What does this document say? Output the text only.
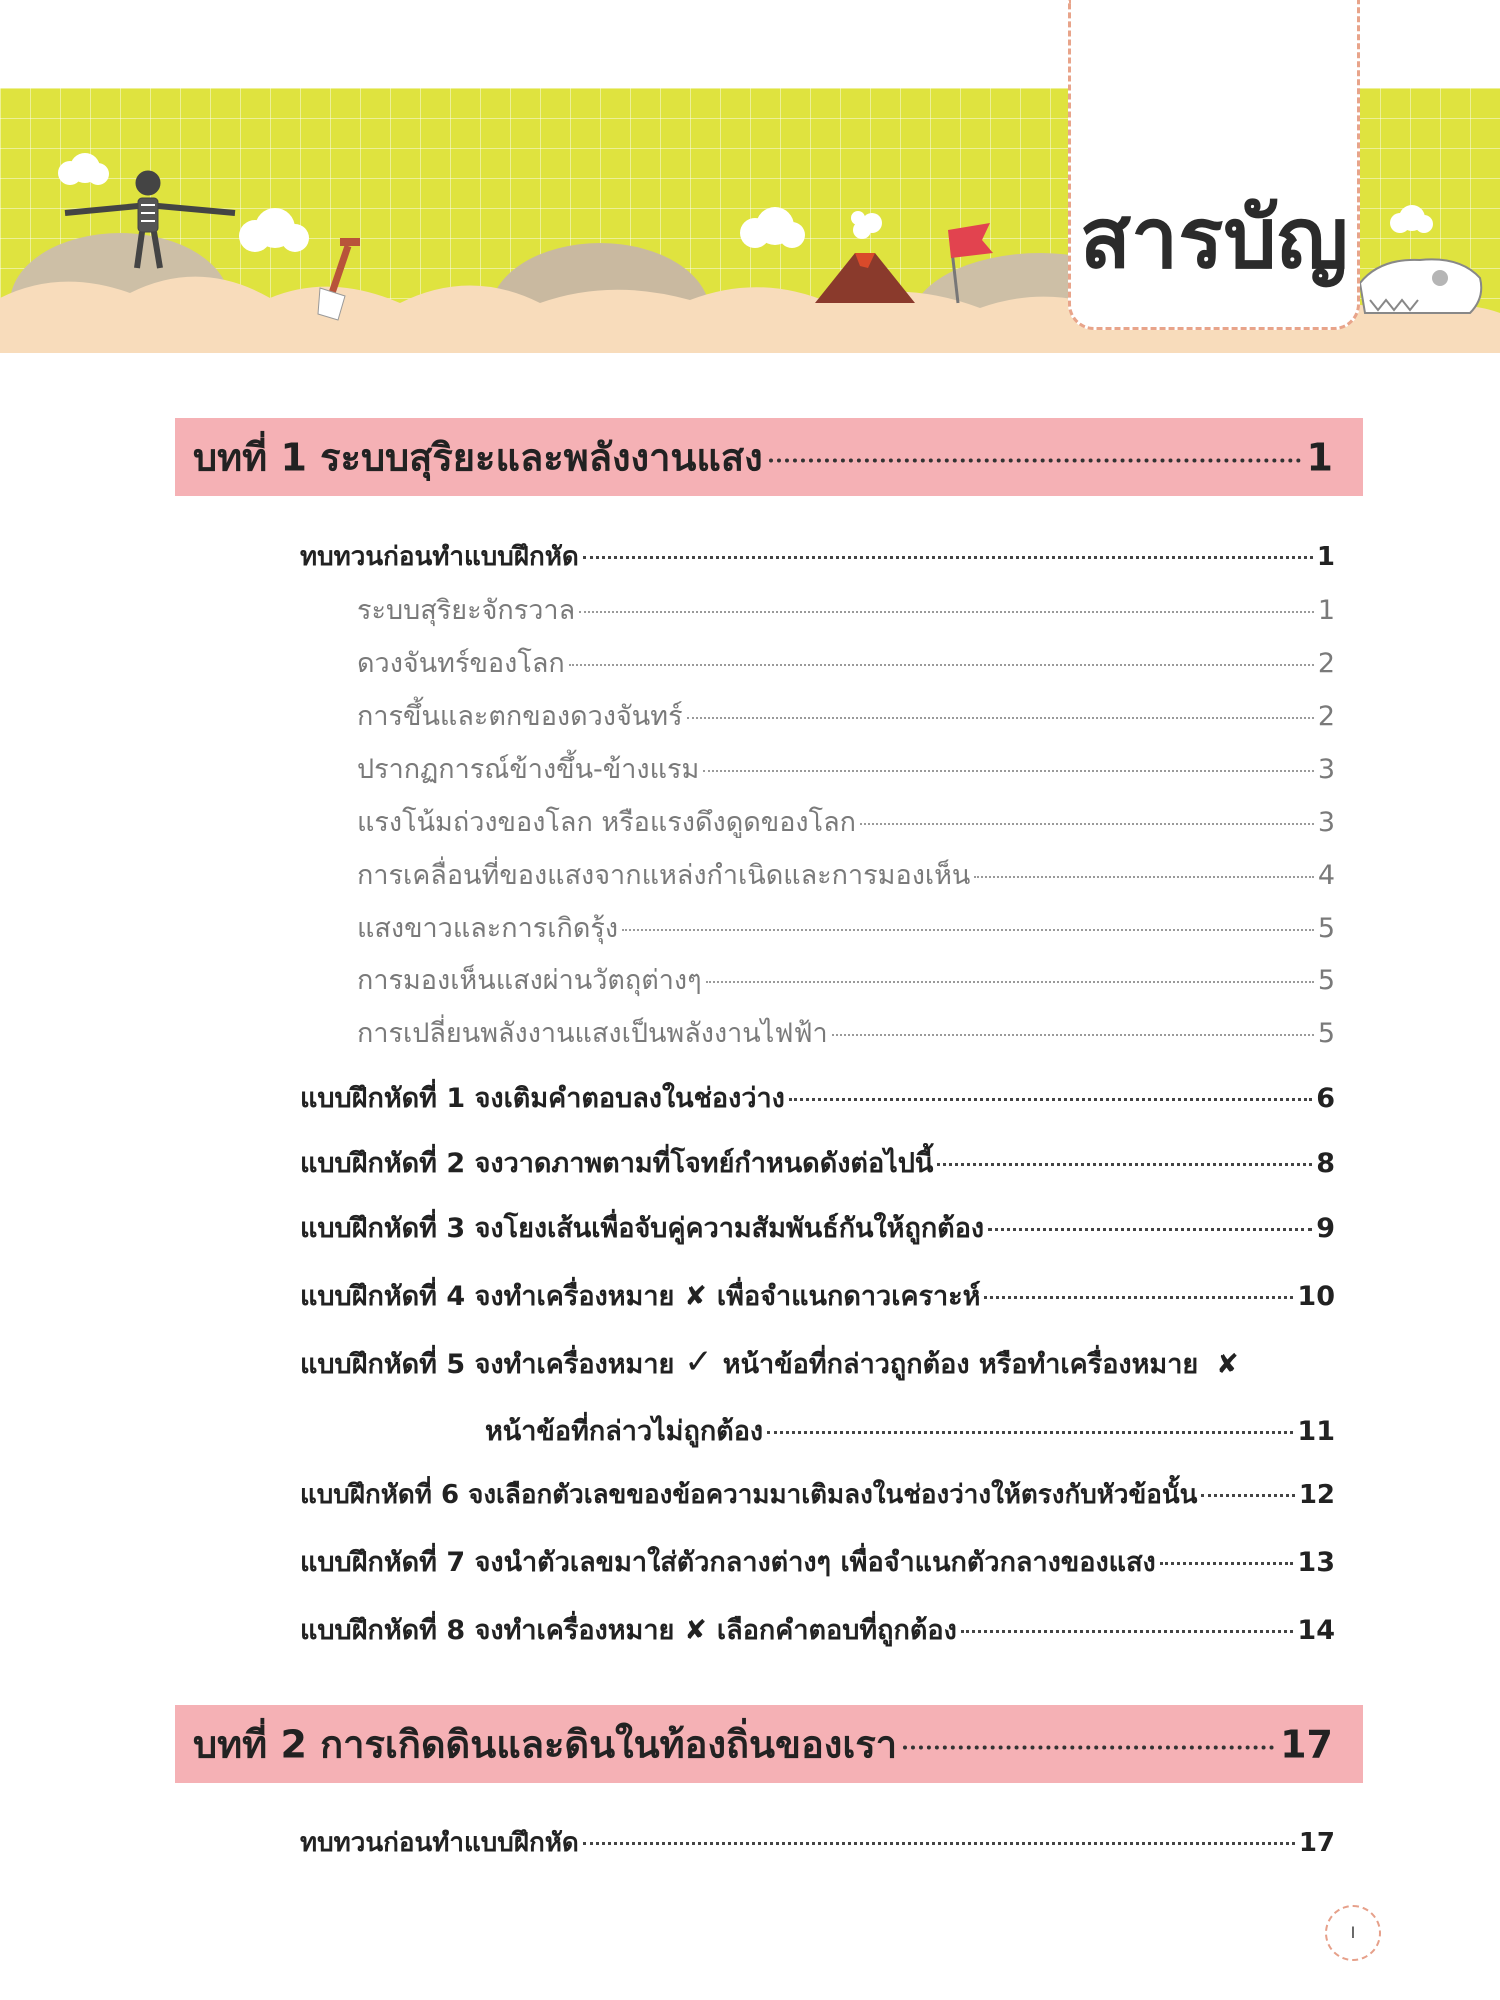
สารบัญ
บทที่ 1 ระบบสุริยะและพลังงานแสง	1
ทบทวนก่อนทำแบบฝึกหัด	1
ระบบสุริยะจักรวาล	1
ดวงจันทร์ของโลก	2
การขึ้นและตกของดวงจันทร์	2
ปรากฏการณ์ข้างขึ้น-ข้างแรม	3
แรงโน้มถ่วงของโลก หรือแรงดึงดูดของโลก	3
การเคลื่อนที่ของแสงจากแหล่งกำเนิดและการมองเห็น	4
แสงขาวและการเกิดรุ้ง	5
การมองเห็นแสงผ่านวัตถุต่างๆ	5
การเปลี่ยนพลังงานแสงเป็นพลังงานไฟฟ้า	5
แบบฝึกหัดที่ 1 จงเติมคำตอบลงในช่องว่าง	6
แบบฝึกหัดที่ 2 จงวาดภาพตามที่โจทย์กำหนดดังต่อไปนี้	8
แบบฝึกหัดที่ 3 จงโยงเส้นเพื่อจับคู่ความสัมพันธ์กันให้ถูกต้อง	9
แบบฝึกหัดที่ 4 จงทำเครื่องหมาย ✘ เพื่อจำแนกดาวเคราะห์	10
แบบฝึกหัดที่ 5 จงทำเครื่องหมาย ✓ หน้าข้อที่กล่าวถูกต้อง หรือทำเครื่องหมาย ✘
หน้าข้อที่กล่าวไม่ถูกต้อง	11
แบบฝึกหัดที่ 6 จงเลือกตัวเลขของข้อความมาเติมลงในช่องว่างให้ตรงกับหัวข้อนั้น	12
แบบฝึกหัดที่ 7 จงนำตัวเลขมาใส่ตัวกลางต่างๆ เพื่อจำแนกตัวกลางของแสง	13
แบบฝึกหัดที่ 8 จงทำเครื่องหมาย ✘ เลือกคำตอบที่ถูกต้อง	14
บทที่ 2 การเกิดดินและดินในท้องถิ่นของเรา	17
ทบทวนก่อนทำแบบฝึกหัด	17
I
